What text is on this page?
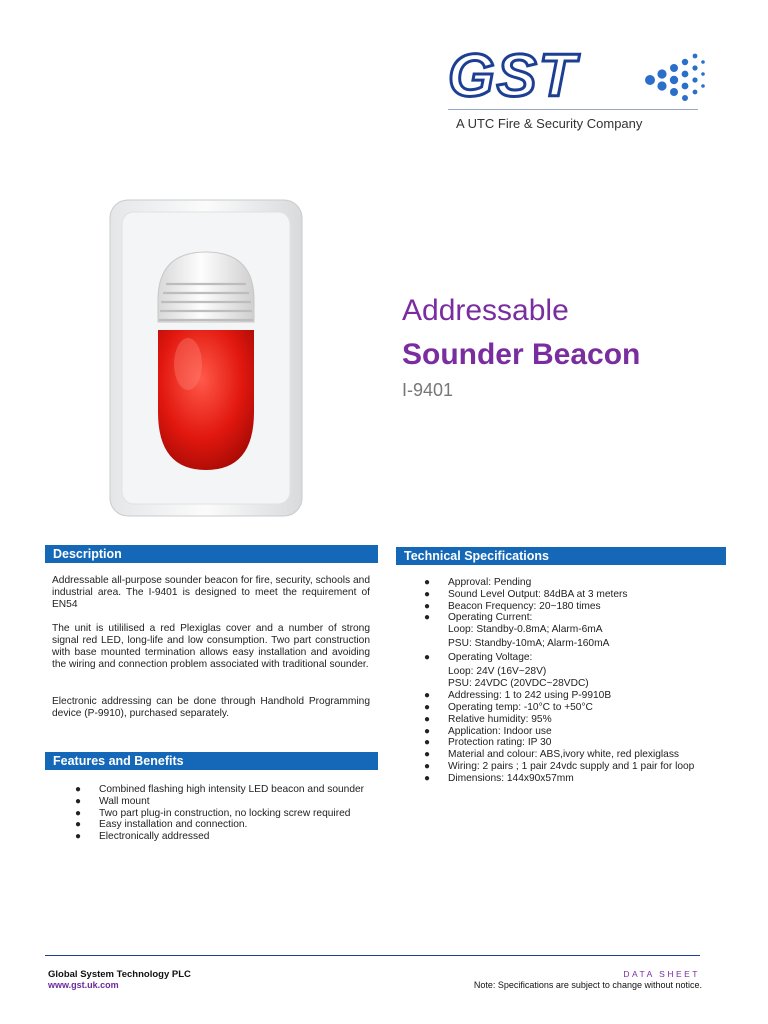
GST
A UTC Fire & Security Company
Addressable
Sounder Beacon
I-9401
Description
Addressable all-purpose sounder beacon for fire, security, schools and industrial area. The I-9401 is designed to meet the requirement of EN54
The unit is utililised a red Plexiglas cover and a number of strong signal red LED, long-life and low consumption. Two part construction with base mounted termination allows easy installation and avoiding the wiring and connection problem associated with traditional sounder.
Electronic addressing can be done through Handhold Programming device (P-9910), purchased separately.
Features and Benefits
● Combined flashing high intensity LED beacon and sounder
● Wall mount
● Two part plug-in construction, no locking screw required
● Easy installation and connection.
● Electronically addressed
Technical Specifications
● Approval: Pending
● Sound Level Output: 84dBA at 3 meters
● Beacon Frequency: 20~180 times
● Operating Current:
Loop: Standby-0.8mA; Alarm-6mA
PSU: Standby-10mA; Alarm-160mA
● Operating Voltage:
Loop: 24V (16V~28V)
PSU: 24VDC (20VDC~28VDC)
● Addressing: 1 to 242 using P-9910B
● Operating temp: -10°C to +50°C
● Relative humidity: 95%
● Application: Indoor use
● Protection rating: IP 30
● Material and colour: ABS,ivory white, red plexiglass
● Wiring: 2 pairs ; 1 pair 24vdc supply and 1 pair for loop
● Dimensions: 144x90x57mm
Global System Technology PLC
www.gst.uk.com
DATA SHEET
Note: Specifications are subject to change without notice.
